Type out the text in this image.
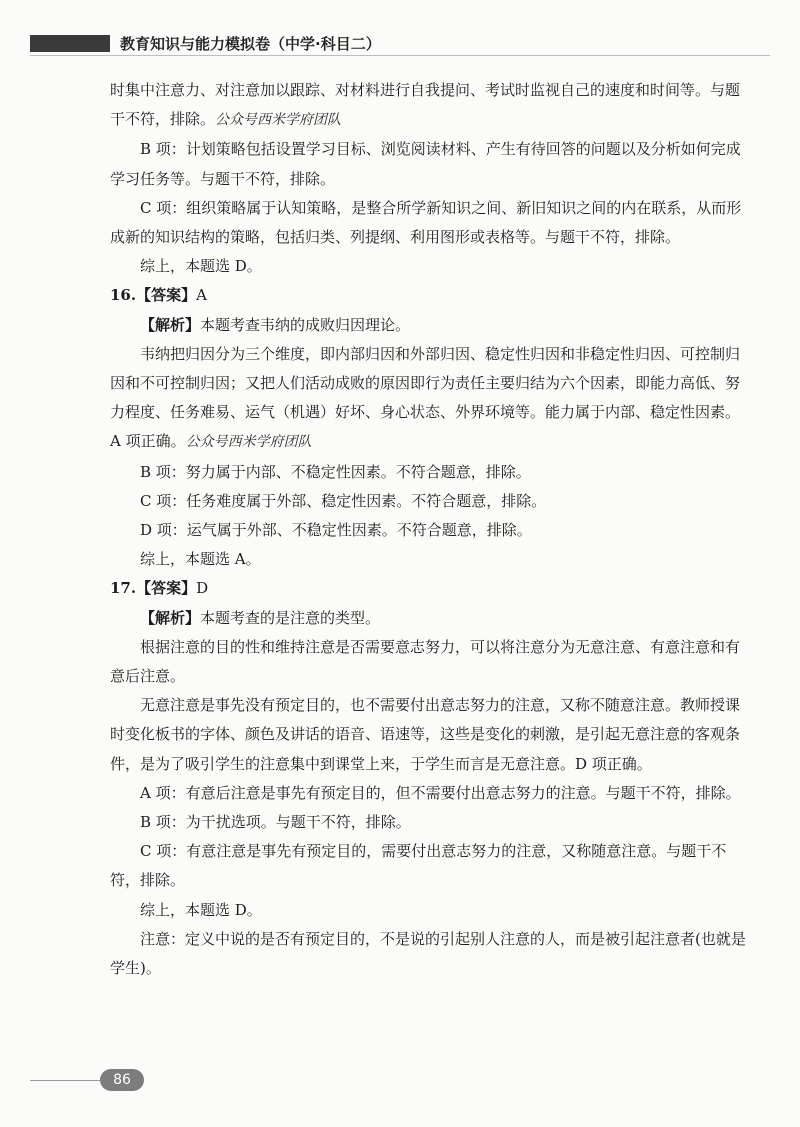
教育知识与能力模拟卷（中学·科目二）

时集中注意力、对注意加以跟踪、对材料进行自我提问、考试时监视自己的速度和时间等。与题干不符，排除。公众号西米学府团队

B 项：计划策略包括设置学习目标、浏览阅读材料、产生有待回答的问题以及分析如何完成学习任务等。与题干不符，排除。

C 项：组织策略属于认知策略，是整合所学新知识之间、新旧知识之间的内在联系，从而形成新的知识结构的策略，包括归类、列提纲、利用图形或表格等。与题干不符，排除。

综上，本题选 D。

16.【答案】A

【解析】本题考查韦纳的成败归因理论。

韦纳把归因分为三个维度，即内部归因和外部归因、稳定性归因和非稳定性归因、可控制归因和不可控制归因；又把人们活动成败的原因即行为责任主要归结为六个因素，即能力高低、努力程度、任务难易、运气（机遇）好坏、身心状态、外界环境等。能力属于内部、稳定性因素。A 项正确。公众号西米学府团队

B 项：努力属于内部、不稳定性因素。不符合题意，排除。

C 项：任务难度属于外部、稳定性因素。不符合题意，排除。

D 项：运气属于外部、不稳定性因素。不符合题意，排除。

综上，本题选 A。

17.【答案】D

【解析】本题考查的是注意的类型。

根据注意的目的性和维持注意是否需要意志努力，可以将注意分为无意注意、有意注意和有意后注意。

无意注意是事先没有预定目的，也不需要付出意志努力的注意，又称不随意注意。教师授课时变化板书的字体、颜色及讲话的语音、语速等，这些是变化的刺激，是引起无意注意的客观条件，是为了吸引学生的注意集中到课堂上来，于学生而言是无意注意。D 项正确。

A 项：有意后注意是事先有预定目的，但不需要付出意志努力的注意。与题干不符，排除。

B 项：为干扰选项。与题干不符，排除。

C 项：有意注意是事先有预定目的，需要付出意志努力的注意，又称随意注意。与题干不符，排除。

综上，本题选 D。

注意：定义中说的是否有预定目的，不是说的引起别人注意的人，而是被引起注意者(也就是学生)。

86
